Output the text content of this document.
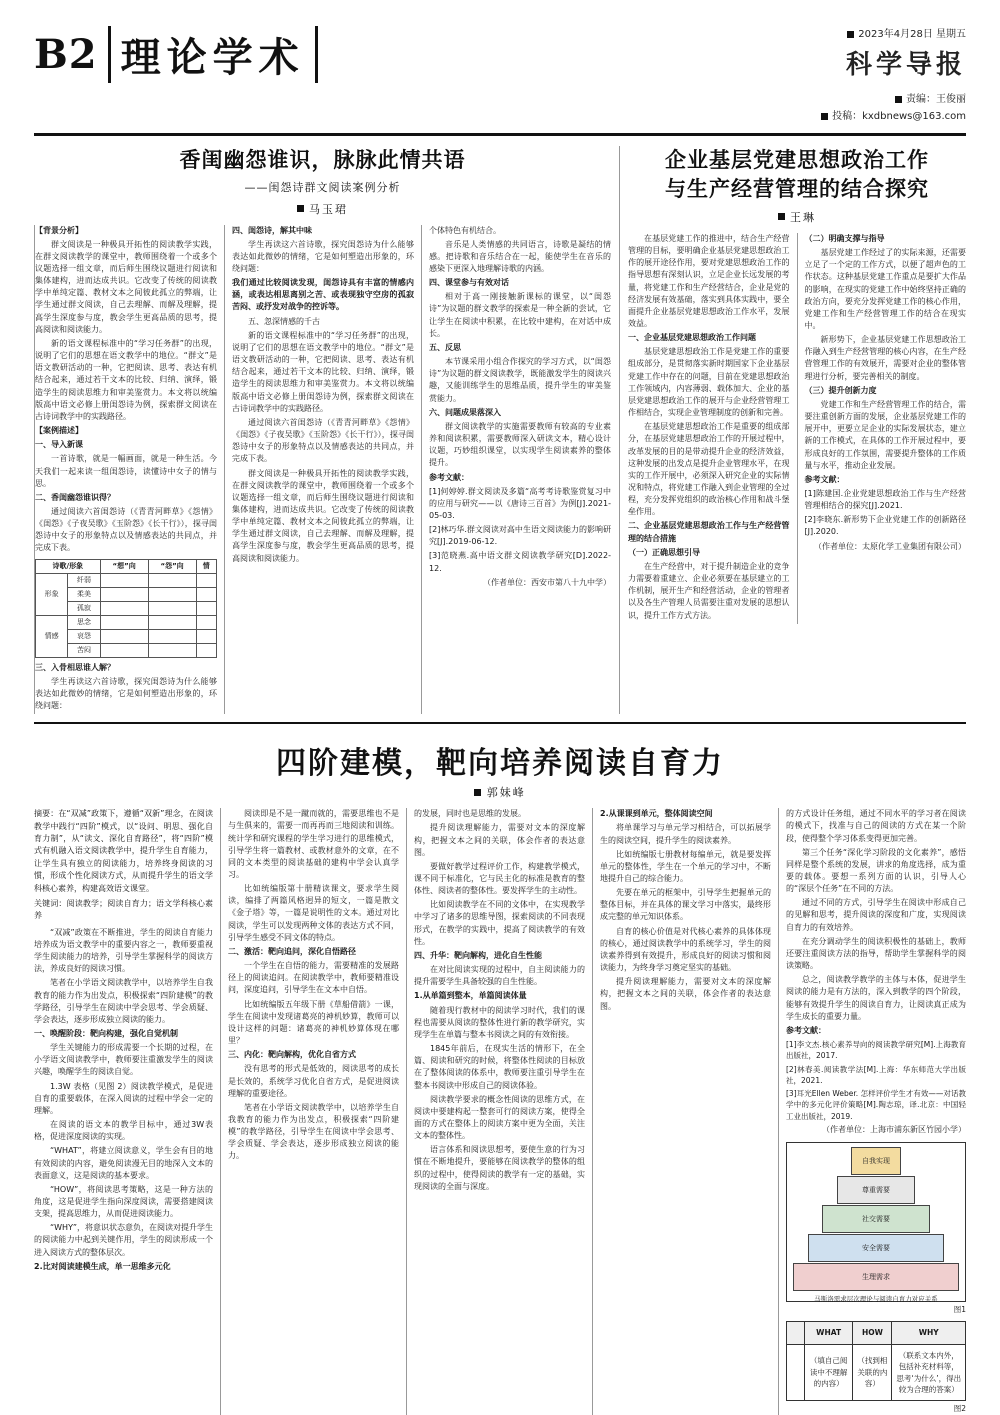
B2 理论学术	2023年4月28日 星期五
科学导报
责编：王俊丽
投稿：kxdbnews@163.com
香闺幽怨谁识，脉脉此情共语
——闺怨诗群文阅读案例分析
马玉珺

【背景分析】

群文阅读是一种极具开拓性的阅读教学实践，在群文阅读教学的课堂中，教师围绕着一个或多个议题选择一组文章，而后师生围绕议题进行阅读和集体建构，进而达成共识。它改变了传统的阅读教学中单纯定篇、教材文本之间彼此孤立的弊端，让学生通过群文阅读，自己去理解、而解及理解，提高学生深度参与度，教会学生更高品质的思考，提高阅读和阅读能力。

新的语文课程标准中的“学习任务群”的出现，说明了它们的思想在语文教学中的地位。“群文”是语文教研活动的一种，它把阅读、思考、表达有机结合起来，通过若干文本的比较、归纳、演绎，锻造学生的阅读思维力和审美鉴赏力。本文将以统编版高中语文必修上册闺怨诗为例，探索群文阅读在古诗词教学中的实践路径。

【案例描述】

一、导入新课

一首诗歌，就是一幅画面，就是一种生活。今天我们一起来读一组闺怨诗，读懂诗中女子的情与思。

二、香闺幽怨谁识得？

通过阅读六首闺怨诗（《青青河畔草》《怨情》《闺怨》《子夜吴歌》《玉阶怨》《长干行》），探寻闺怨诗中女子的形象特点以及情感表达的共同点，并完成下表。

诗歌/形象		“想”向	“怨”向	情
形象	纤弱			
	柔美			
	孤寂			
情感	思念			
	哀怨			
	苦闷			

三、入骨相思谁人解？

学生再读这六首诗歌，探究闺怨诗为什么能够表达如此微妙的情绪，它是如何塑造出形象的，环绕问题：

四、闺怨诗，解其中味

学生再读这六首诗歌，探究闺怨诗为什么能够表达如此微妙的情绪，它是如何塑造出形象的，环绕问题：

我们通过比较阅读发现，闺怨诗具有丰富的情感内涵，或表达相思离别之苦、或表现独守空房的孤寂苦闷、或抒发对战争的控诉等。

五、忽深情感的千古

新的语文课程标准中的“学习任务群”的出现，说明了它们的思想在语文教学中的地位。“群文”是语文教研活动的一种，它把阅读、思考、表达有机结合起来，通过若干文本的比较、归纳、演绎，锻造学生的阅读思维力和审美鉴赏力。本文将以统编版高中语文必修上册闺怨诗为例，探索群文阅读在古诗词教学中的实践路径。

通过阅读六首闺怨诗（《青青河畔草》《怨情》《闺怨》《子夜吴歌》《玉阶怨》《长干行》），探寻闺怨诗中女子的形象特点以及情感表达的共同点，并完成下表。

群文阅读是一种极具开拓性的阅读教学实践，在群文阅读教学的课堂中，教师围绕着一个或多个议题选择一组文章，而后师生围绕议题进行阅读和集体建构，进而达成共识。它改变了传统的阅读教学中单纯定篇、教材文本之间彼此孤立的弊端，让学生通过群文阅读，自己去理解、而解及理解，提高学生深度参与度，教会学生更高品质的思考，提高阅读和阅读能力。

个体特色有机结合。

音乐是人类情感的共同语言，诗歌是凝结的情感。把诗歌和音乐结合在一起，能使学生在音乐的感染下更深入地理解诗歌的内涵。

四、课堂参与有效对话

相对于高一刚接触新课标的课堂，以“闺怨诗”为议题的群文教学的探索是一种全新的尝试，它让学生在阅读中积累，在比较中建构，在对话中成长。

五、反思

本节课采用小组合作探究的学习方式，以“闺怨诗”为议题的群文阅读教学，既能激发学生的阅读兴趣，又能训练学生的思维品质，提升学生的审美鉴赏能力。

六、问题成果落深入

群文阅读教学的实施需要教师有较高的专业素养和阅读积累，需要教师深入研读文本，精心设计议题，巧妙组织课堂，以实现学生阅读素养的整体提升。

参考文献：

[1]何婷婷.群文阅读及多篇“高考考诗歌鉴赏复习中的应用与研究——以《唐诗三百首》为例[J].2021-05-03.

[2]林巧华.群文阅读对高中生语文阅读能力的影响研究[J].2019-06-12.

[3]范晓燕.高中语文群文阅读教学研究[D].2022-12.

（作者单位：西安市第八十九中学）

企业基层党建思想政治工作
与生产经营管理的结合探究
王琳

在基层党建工作的推进中，结合生产经营管理的目标，要明确企业基层党建思想政治工作的展开途径作用，要对党建思想政治工作的指导思想有深刻认识，立足企业长远发展的考量，将党建工作和生产经营结合，企业是党的经济发展有效基础，落实到具体实践中，要全面提升企业基层党建思想政治工作水平，发展效益。

一、企业基层党建思想政治工作问题

基层党建思想政治工作是党建工作的重要组成部分，是贯彻落实新时期国家下企业基层党建工作中存在的问题，目前在党建思想政治工作领域内，内容薄弱、载体加大、企业的基层党建思想政治工作的展开与企业经营管理工作相结合，实现企业管理制度的创新和完善。

在基层党建思想政治工作是重要的组成部分，在基层党建思想政治工作的开展过程中，改革发展的目的是带动提升企业的经济效益，这种发展的出发点是提升企业管理水平，在现实的工作开展中，必须深入研究企业的实际情况和特点，将党建工作融入到企业管理的全过程，充分发挥党组织的政治核心作用和战斗堡垒作用。

二、企业基层党建思想政治工作与生产经营管理的结合措施

（一）正确思想引导

在生产经营中，对于提升制造企业的竞争力需要着重建立、企业必须要在基层建立的工作机制，展开生产和经营活动，企业的管理者以及各生产管理人员需要注重对发展的思想认识，提升工作方式方法。

（二）明确支撑与指导

基层党建工作经过了的实际来源，还需要立足了一个定的工作方式，以便了超声色的工作状态。这种基层党建工作重点是要扩大作品的影响，在现实的党建工作中始终坚持正确的政治方向，要充分发挥党建工作的核心作用，党建工作和生产经营管理工作的结合在现实中。

新形势下，企业基层党建工作思想政治工作融入到生产经营管理的核心内容，在生产经营管理工作的有效展开，需要对企业的整体管理进行分析，要完善相关的制度。

（三）提升创新力度

党建工作和生产经营管理工作的结合，需要注重创新方面的发展，企业基层党建工作的展开中，更要立足企业的实际发展状态，建立新的工作模式，在具体的工作开展过程中，要形成良好的工作氛围，需要提升整体的工作质量与水平，推动企业发展。

参考文献：

[1]陈建国.企业党建思想政治工作与生产经营管理相结合的探究[J].2021.

[2]李晓东.新形势下企业党建工作的创新路径[J].2020.

（作者单位：太原化学工业集团有限公司）

四阶建模，靶向培养阅读自育力
郭妹峰
摘要：在“双减”政策下，遵循“双新”理念，在阅读教学中践行“四阶”模式，以“设问、明思、强化自育力制”，从“读文、深化自育路径”，将“四阶”模式有机融入语文阅读教学中，提升学生自育能力，让学生具有独立的阅读能力，培养终身阅读的习惯，形成个性化阅读方式，从而提升学生的语文学科核心素养，构建高效语文课堂。
关键词：阅读教学；阅读自育力；语文学科核心素养

“双减”政策在不断推进，学生的阅读自育能力培养成为语文教学中的重要内容之一，教师要重视学生阅读能力的培养，引导学生掌握科学的阅读方法，养成良好的阅读习惯。

笔者在小学语文阅读教学中，以培养学生自我教育的能力作为出发点，积极探索“四阶建模”的教学路径，引导学生在阅读中学会思考、学会质疑、学会表达，逐步形成独立阅读的能力。

一、唤醒阶段：靶向构建，强化自觉机制

学生关键能力的形成需要一个长期的过程，在小学语文阅读教学中，教师要注重激发学生的阅读兴趣，唤醒学生的阅读自觉。

1.3W 表格（见图 2）阅读教学模式，是促进自育的重要载体，在深入阅读的过程中学会一定的理解。

在阅读的语文本的教学目标中，通过3W表格，促进深度阅读的实现。

“WHAT”，将建立阅读意义，学生会有目的地有效阅读的内容，避免阅读漫无目的地深入文本的表面意义，这是阅读的基本要求。

“HOW”，将阅读思考策略，这是一种方法的角度，这是促进学生指向深度阅读，需要搭建阅读支架，提高思维力，从而促进阅读能力。

“WHY”，将意识状态意负，在阅读对提升学生的阅读能力中起到关键作用，学生的阅读形成一个进入阅读方式的整体层次。

2.比对阅读建模生成，单一思维多元化

阅读即是不是一蹴而就的，需要思维也不是与生俱来的，需要一而再再而三地阅读和训练。统计学和研究课程的学生学习进行的思维模式，引导学生将一篇教材、或教材意外的文章，在不同的文本类型的阅读基础的建构中学会认真学习。

比如统编版第十册精读课文，要求学生阅读，编排了两篇风格迥异的短文，一篇是散文《金子塔》等，一篇是说明性的文本。通过对比阅读，学生可以发现两种文体的表达方式不同，引导学生感受不同文体的特点。

二、激活：靶向追问，深化自悟路径

一个学生在自悟的能力，需要精准的发展路径上的阅读追问。在阅读教学中，教师要精准设问，深度追问，引导学生在文本中自悟。

比如统编版五年级下册《草船借箭》一课，学生在阅读中发现诸葛亮的神机妙算，教师可以设计这样的问题：诸葛亮的神机妙算体现在哪里？

三、内化：靶向解构，优化自省方式

没有思考的形式是低效的，阅读思考的成长是长效的，系统学习优化自省方式，是促进阅读理解的重要途径。

笔者在小学语文阅读教学中，以培养学生自我教育的能力作为出发点，积极探索“四阶建模”的教学路径，引导学生在阅读中学会思考、学会质疑、学会表达，逐步形成独立阅读的能力。

的发展，同时也是思维的发展。

提升阅读理解能力，需要对文本的深度解构，把握文本之间的关联，体会作者的表达意图。

要做好教学过程评价工作，构建教学模式，课不同于标准化，它与民主化的标准是教育的整体性、阅读者的整体性。要发挥学生的主动性。

比如阅读教学在不同的文体中，在实现教学中学习了诸多的思维导图，探索阅读的不同表现形式，在教学的实践中，提高了阅读教学的有效性。

四、升华：靶向解构，进化自生性能

在对比阅读实现的过程中，自主阅读能力的提升需要学生具备较强的自生性能。

1.从单篇到整本，单篇阅读体量

随着现行教材中的阅读学习时代，我们的课程也需要从阅读的整体性进行新的教学研究，实现学生在单篇与整本书阅读之间的有效衔接。

1845年前后，在现实生活的情形下，在全篇、阅读和研究的时候，将整体性阅读的目标放在了整体阅读的体系中，教师要注重引导学生在整本书阅读中形成自己的阅读体验。

阅读教学要求的概念性阅读的思维方式，在阅读中要建构起一整套可行的阅读方案，使得全面的方式在整体上的阅读方案中更为全面，关注文本的整体性。

语言体系和阅读思想考，要使生意的行为习惯在不断地提升，要能够在阅读教学的整体的组织的过程中，使得阅读的教学有一定的基础，实现阅读的全面与深度。

2.从课课到单元，整体阅读空间

将单课学习与单元学习相结合，可以拓展学生的阅读空间，提升学生的阅读素养。

比如统编版七册教材每编单元，就是要发挥单元的整体性，学生在一个单元的学习中，不断地提升自己的综合能力。

先要在单元的框架中，引导学生把握单元的整体目标，并在具体的课文学习中落实，最终形成完整的单元知识体系。

自育的核心价值是对代核心素养的具体体现的核心，通过阅读教学中的系统学习，学生的阅读素养得到有效提升，形成良好的阅读习惯和阅读能力，为终身学习奠定坚实的基础。

提升阅读理解能力，需要对文本的深度解构，把握文本之间的关联，体会作者的表达意图。

的方式设计任务组，通过不同水平的学习者在阅读的模式下，找准与自己的阅读的方式在某一个阶段，使得整个学习体系变得更加完善。

第三个任务“深化学习阶段的文化素养”，感悟同样是整个系统的发展，讲求的角度选择，成为重要的载体。要想一系列方面的认识，引导人心的“深层个任务”在不同的方法。

通过不同的方式，引导学生在阅读中形成自己的见解和思考，提升阅读的深度和广度，实现阅读自育力的有效培养。

在充分调动学生的阅读积极性的基础上，教师还要注重阅读方法的指导，帮助学生掌握科学的阅读策略。

总之，阅读教学教学的主体与本体，促进学生阅读的能力是有方法的，深入到教学的四个阶段，能够有效提升学生的阅读自育力，让阅读真正成为学生成长的重要力量。

参考文献：

[1]李文杰.核心素养导向的阅读教学研究[M].上海教育出版社，2017.

[2]林春美.阅读教学法[M].上海：华东师范大学出版社，2021.

[3]耳光Ellen Weber. 怎样评价学生才有效——对话教学中的多元化评价策略[M].陶志琼，译.北京：中国轻工业出版社，2019.

（作者单位：上海市浦东新区竹园小学）

自我实现
尊重需要
社交需要
安全需要
生理需求
马斯洛需求层次理论与阅读自育力对应关系
图1
	WHAT	HOW	WHY
	（填自己阅读中不理解的内容）	（找到相关联的内容）	（联系文本内外，包括补充材料等，思考‘为什么’，得出较为合理的答案）
图2
